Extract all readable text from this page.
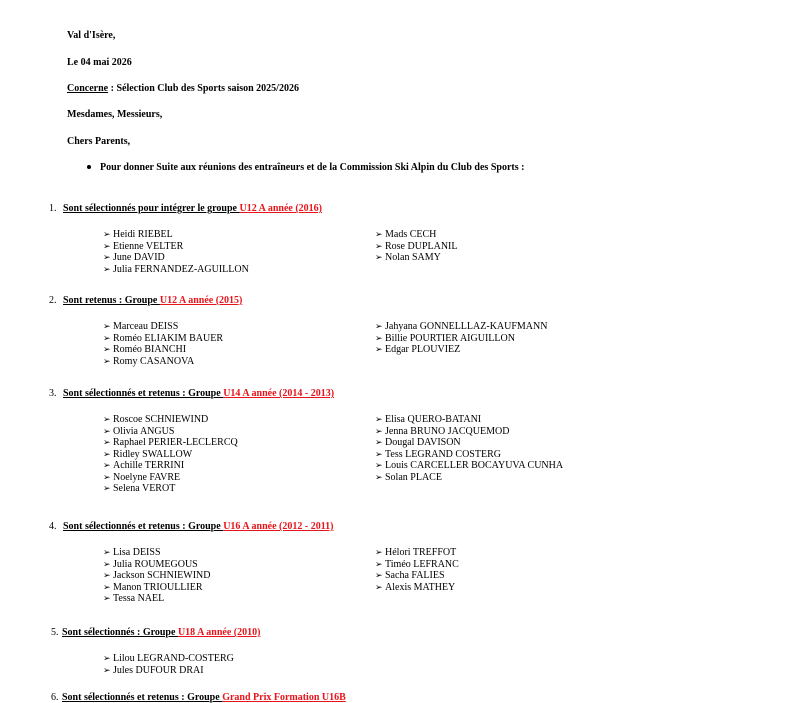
Val d'Isère,
Le 04 mai 2026
Concerne : Sélection Club des Sports saison 2025/2026
Mesdames, Messieurs,
Chers Parents,
Pour donner Suite aux réunions des entraîneurs et de la Commission Ski Alpin du Club des Sports :
1. Sont sélectionnés pour intégrer le groupe U12 A année (2016)
➢ Heidi RIEBEL
➢ Etienne VELTER
➢ June DAVID
➢ Julia FERNANDEZ-AGUILLON
➢ Mads CECH
➢ Rose DUPLANIL
➢ Nolan SAMY
2. Sont retenus : Groupe U12 A année (2015)
➢ Marceau DEISS
➢ Roméo ELIAKIM BAUER
➢ Roméo BIANCHI
➢ Romy CASANOVA
➢ Jahyana GONNELLLAZ-KAUFMANN
➢ Billie POURTIER AIGUILLON
➢ Edgar PLOUVIEZ
3. Sont sélectionnés et retenus : Groupe U14 A année (2014 - 2013)
➢ Roscoe SCHNIEWIND
➢ Olivia ANGUS
➢ Raphael PERIER-LECLERCQ
➢ Ridley SWALLOW
➢ Achille TERRINI
➢ Noelyne FAVRE
➢ Selena VEROT
➢ Elisa QUERO-BATANI
➢ Jenna BRUNO JACQUEMOD
➢ Dougal DAVISON
➢ Tess LEGRAND COSTERG
➢ Louis CARCELLER BOCAYUVA CUNHA
➢ Solan PLACE
4. Sont sélectionnés et retenus : Groupe U16 A année (2012 - 2011)
➢ Lisa DEISS
➢ Julia ROUMEGOUS
➢ Jackson SCHNIEWIND
➢ Manon TRIOULLIER
➢ Tessa NAEL
➢ Hélori TREFFOT
➢ Timéo LEFRANC
➢ Sacha FALIES
➢ Alexis MATHEY
5. Sont sélectionnés : Groupe U18 A année (2010)
➢ Lilou LEGRAND-COSTERG
➢ Jules DUFOUR DRAI
6. Sont sélectionnés et retenus : Groupe Grand Prix Formation U16B
